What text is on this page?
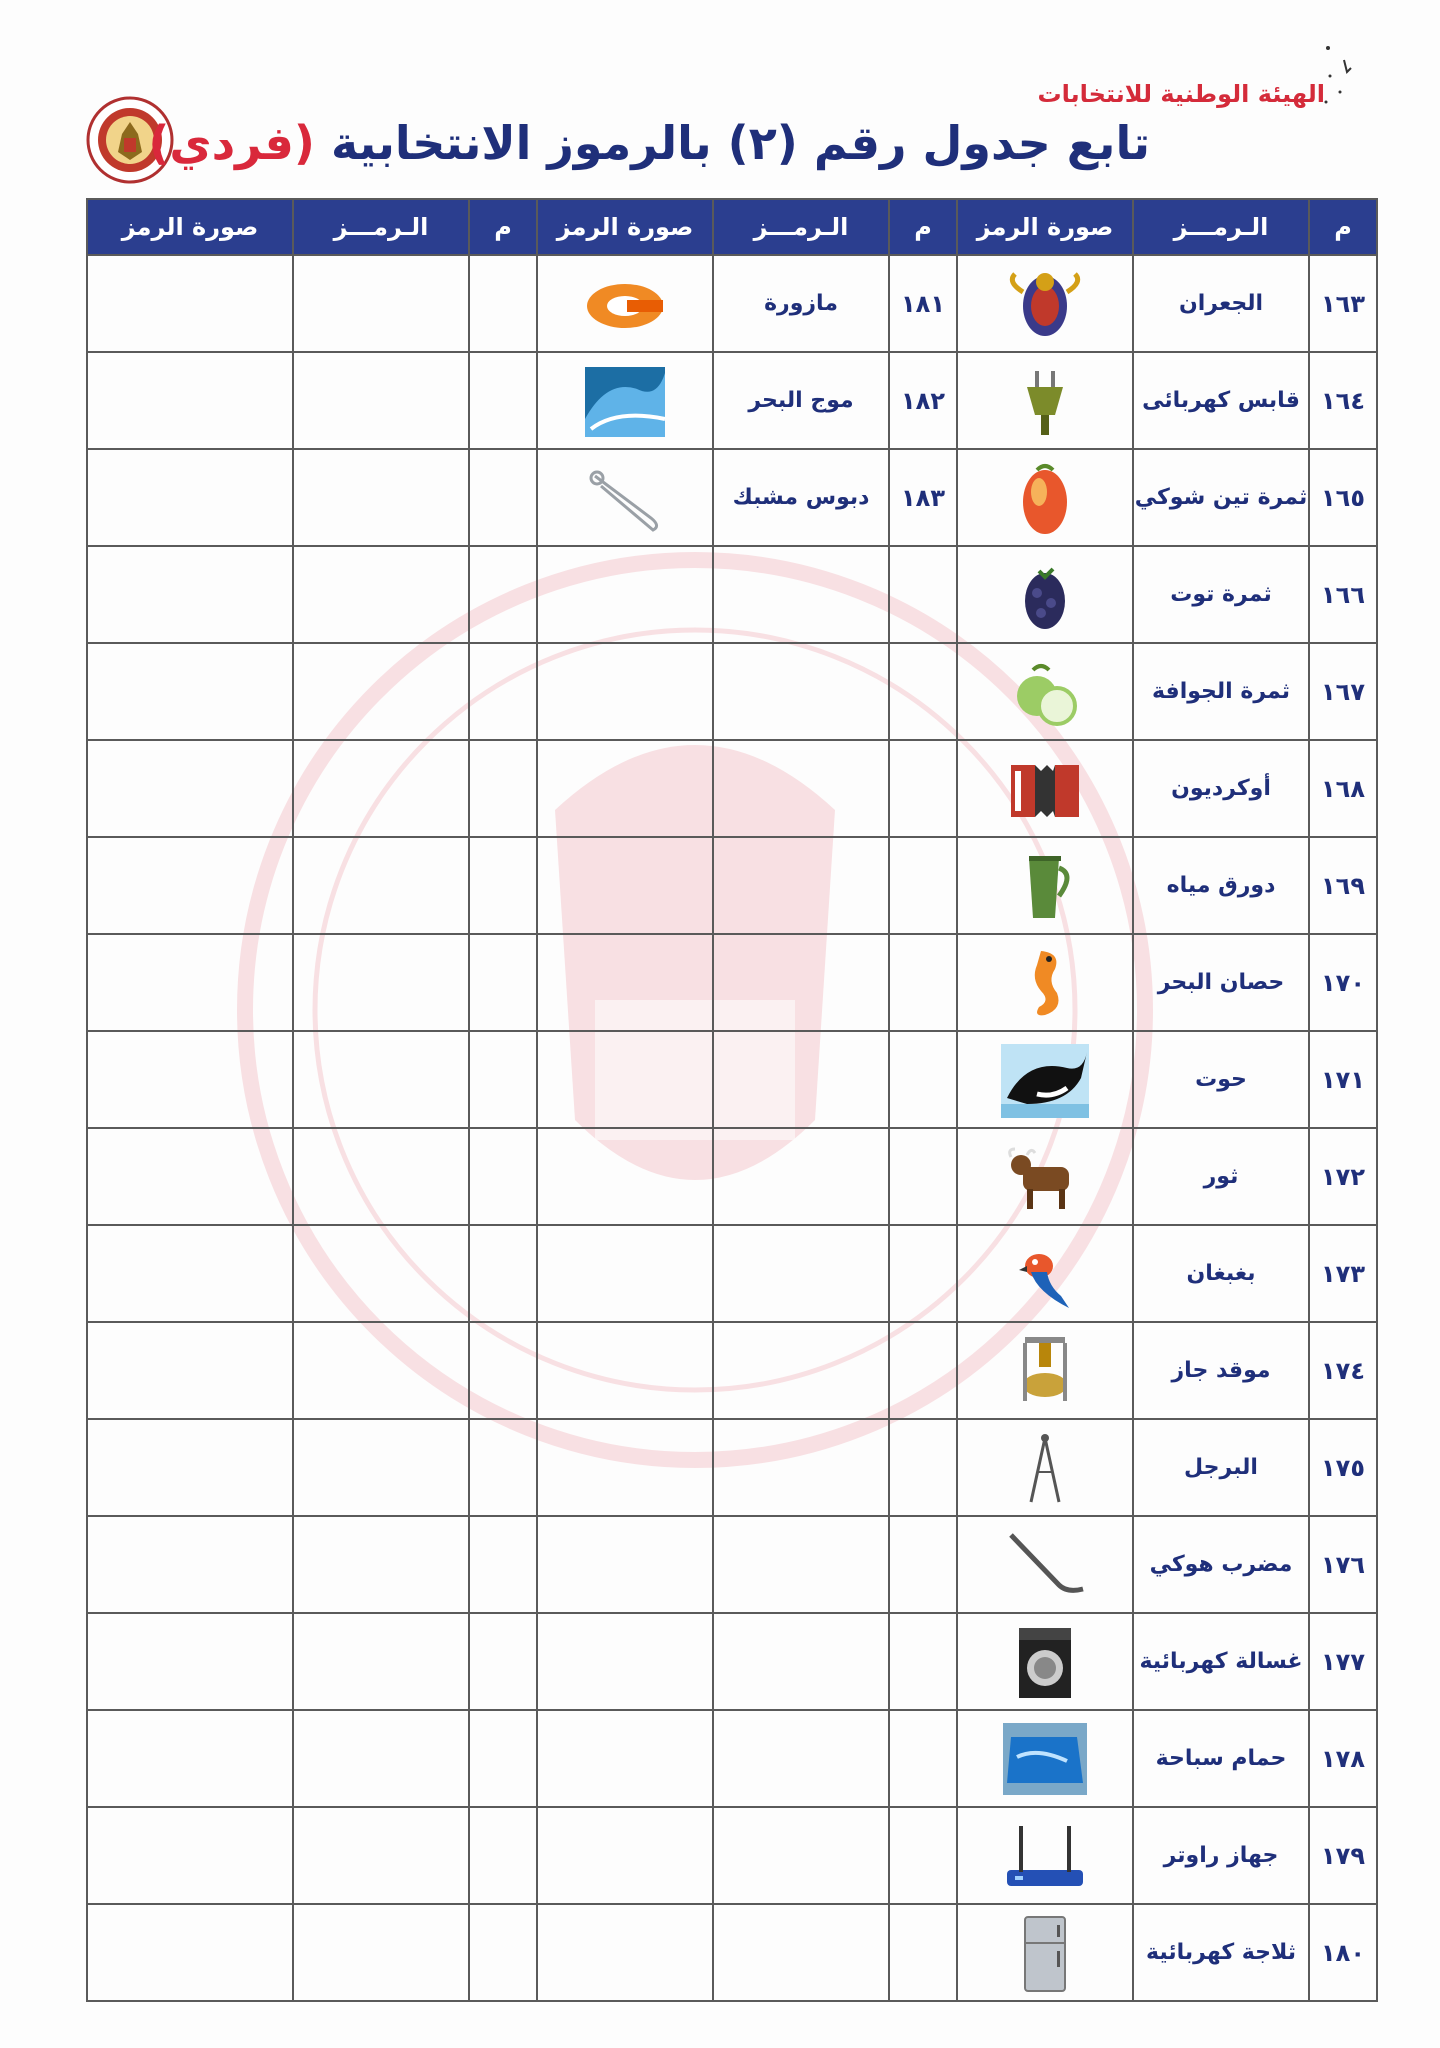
الهيئة الوطنية للانتخابات
تابع جدول رقم (٢) بالرموز الانتخابية (فردي)
م	الـرمـــز	صورة الرمز	م	الـرمـــز	صورة الرمز	م	الـرمـــز	صورة الرمز
١٦٣	الجعران		١٨١	مازورة	

١٦٤	قابس كهربائى		١٨٢	موج البحر	

١٦٥	ثمرة تين شوكي		١٨٣	دبوس مشبك	

١٦٦	ثمرة توت	

١٦٧	ثمرة الجوافة	

١٦٨	أوكرديون	

١٦٩	دورق مياه	

١٧٠	حصان البحر	

١٧١	حوت	

١٧٢	ثور	

١٧٣	بغبغان	

١٧٤	موقد جاز	

١٧٥	البرجل	

١٧٦	مضرب هوكي	

١٧٧	غسالة كهربائية	

١٧٨	حمام سباحة	

١٧٩	جهاز راوتر	

١٨٠	ثلاجة كهربائية	
